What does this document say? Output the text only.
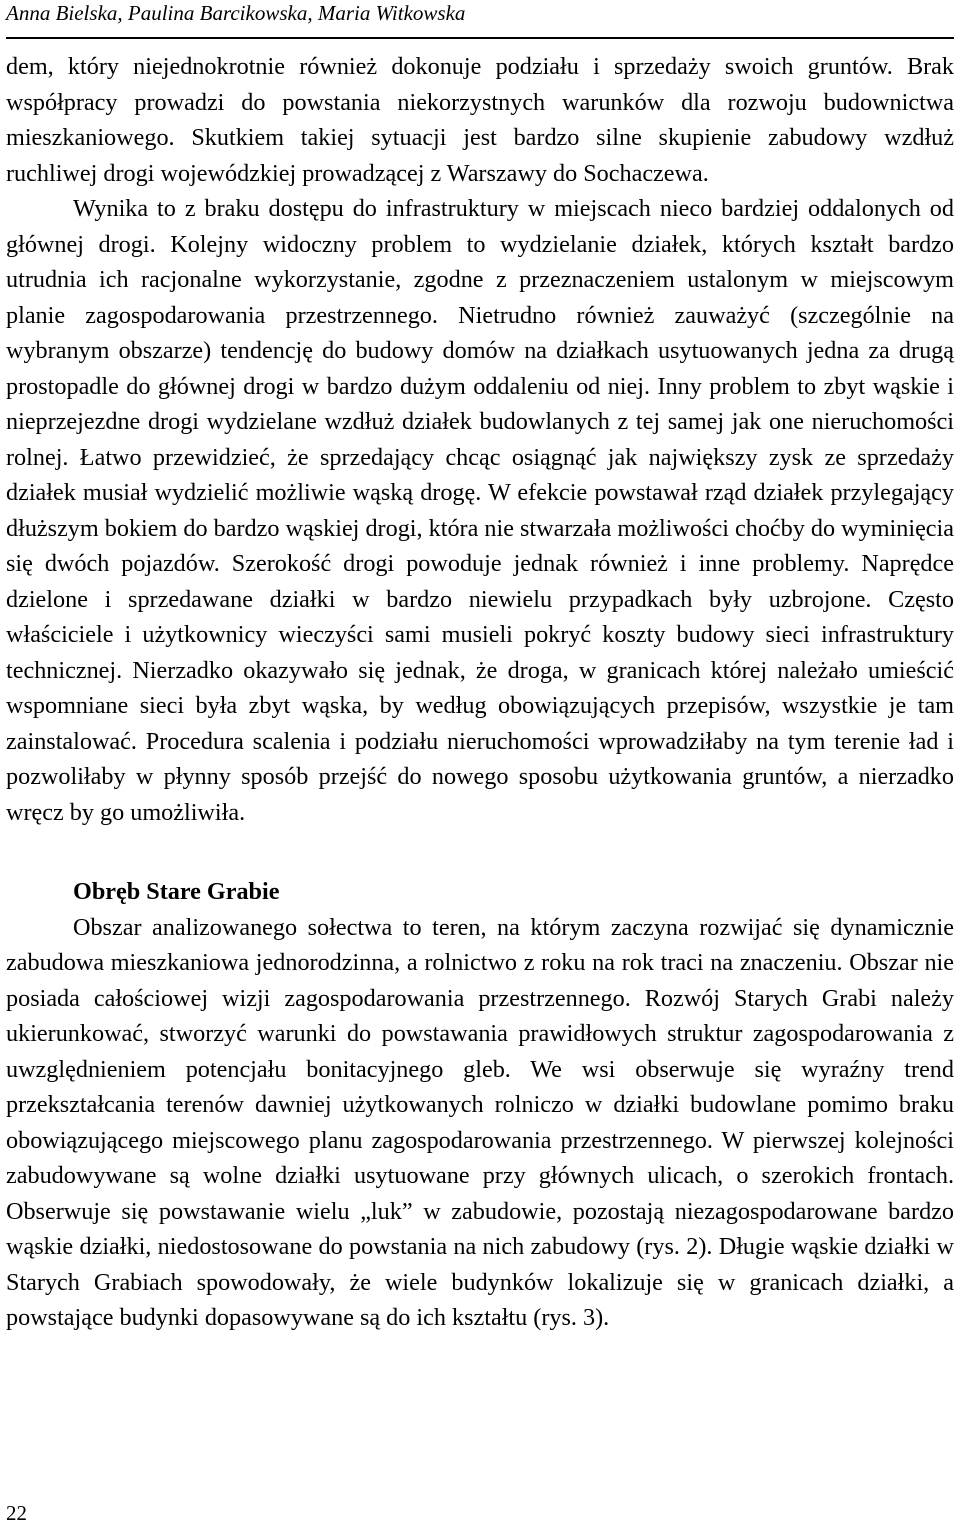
Anna Bielska, Paulina Barcikowska, Maria Witkowska

dem, który niejednokrotnie również dokonuje podziału i sprzedaży swoich gruntów. Brak współpracy prowadzi do powstania niekorzystnych warunków dla rozwoju budownictwa mieszkaniowego. Skutkiem takiej sytuacji jest bardzo silne skupienie zabudowy wzdłuż ruchliwej drogi wojewódzkiej prowadzącej z Warszawy do Sochaczewa.

Wynika to z braku dostępu do infrastruktury w miejscach nieco bardziej oddalonych od głównej drogi. Kolejny widoczny problem to wydzielanie działek, których kształt bardzo utrudnia ich racjonalne wykorzystanie, zgodne z przeznaczeniem ustalonym w miejscowym planie zagospodarowania przestrzennego. Nietrudno również zauważyć (szczególnie na wybranym obszarze) tendencję do budowy domów na działkach usytuowanych jedna za drugą prostopadle do głównej drogi w bardzo dużym oddaleniu od niej. Inny problem to zbyt wąskie i nieprzejezdne drogi wydzielane wzdłuż działek budowlanych z tej samej jak one nieruchomości rolnej. Łatwo przewidzieć, że sprzedający chcąc osiągnąć jak największy zysk ze sprzedaży działek musiał wydzielić możliwie wąską drogę. W efekcie powstawał rząd działek przylegający dłuższym bokiem do bardzo wąskiej drogi, która nie stwarzała możliwości choćby do wyminięcia się dwóch pojazdów. Szerokość drogi powoduje jednak również i inne problemy. Naprędce dzielone i sprzedawane działki w bardzo niewielu przypadkach były uzbrojone. Często właściciele i użytkownicy wieczyści sami musieli pokryć koszty budowy sieci infrastruktury technicznej. Nierzadko okazywało się jednak, że droga, w granicach której należało umieścić wspomniane sieci była zbyt wąska, by według obowiązujących przepisów, wszystkie je tam zainstalować. Procedura scalenia i podziału nieruchomości wprowadziłaby na tym terenie ład i pozwoliłaby w płynny sposób przejść do nowego sposobu użytkowania gruntów, a nierzadko wręcz by go umożliwiła.

Obręb Stare Grabie

Obszar analizowanego sołectwa to teren, na którym zaczyna rozwijać się dynamicznie zabudowa mieszkaniowa jednorodzinna, a rolnictwo z roku na rok traci na znaczeniu. Obszar nie posiada całościowej wizji zagospodarowania przestrzennego. Rozwój Starych Grabi należy ukierunkować, stworzyć warunki do powstawania prawidłowych struktur zagospodarowania z uwzględnieniem potencjału bonitacyjnego gleb. We wsi obserwuje się wyraźny trend przekształcania terenów dawniej użytkowanych rolniczo w działki budowlane pomimo braku obowiązującego miejscowego planu zagospodarowania przestrzennego. W pierwszej kolejności zabudowywane są wolne działki usytuowane przy głównych ulicach, o szerokich frontach. Obserwuje się powstawanie wielu „luk” w zabudowie, pozostają niezagospodarowane bardzo wąskie działki, niedostosowane do powstania na nich zabudowy (rys. 2). Długie wąskie działki w Starych Grabiach spowodowały, że wiele budynków lokalizuje się w granicach działki, a powstające budynki dopasowywane są do ich kształtu (rys. 3).

22
